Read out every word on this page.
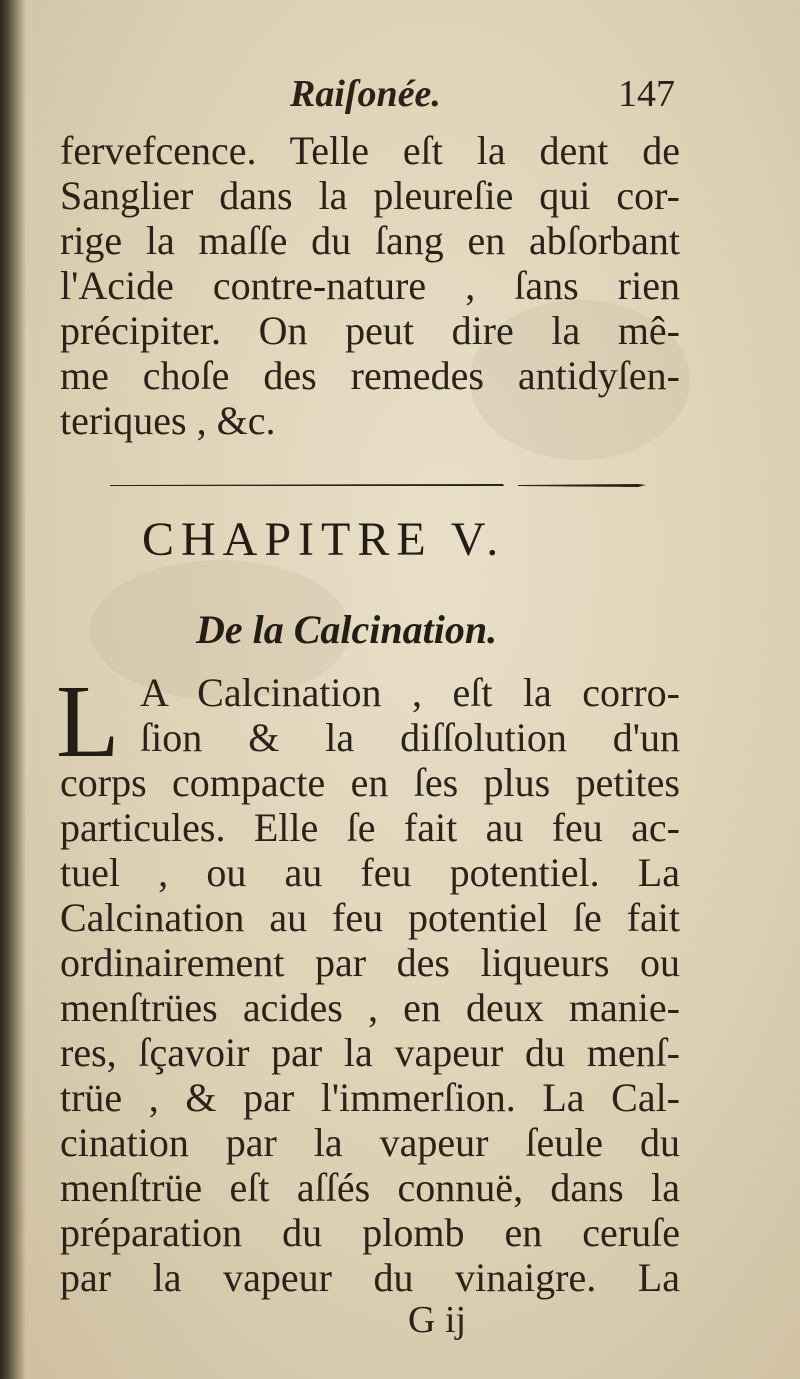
Raiſonée.	147
fervefcence. Telle eſt la dent de
Sanglier dans la pleureſie qui cor-
rige la maſſe du ſang en abſorbant
l'Acide contre-nature , ſans rien
précipiter. On peut dire la mê-
me choſe des remedes antidyſen-
teriques , &c.
CHAPITRE V.
De la Calcination.
L A Calcination , eſt la corro-
ſion & la diſſolution d'un
corps compacte en ſes plus petites
particules. Elle ſe fait au feu ac-
tuel , ou au feu potentiel. La
Calcination au feu potentiel ſe fait
ordinairement par des liqueurs ou
menſtrües acides , en deux manie-
res, ſçavoir par la vapeur du menſ-
trüe , & par l'immerſion. La Cal-
cination par la vapeur ſeule du
menſtrüe eſt aſſés connuë, dans la
préparation du plomb en ceruſe
par la vapeur du vinaigre. La
G ij
